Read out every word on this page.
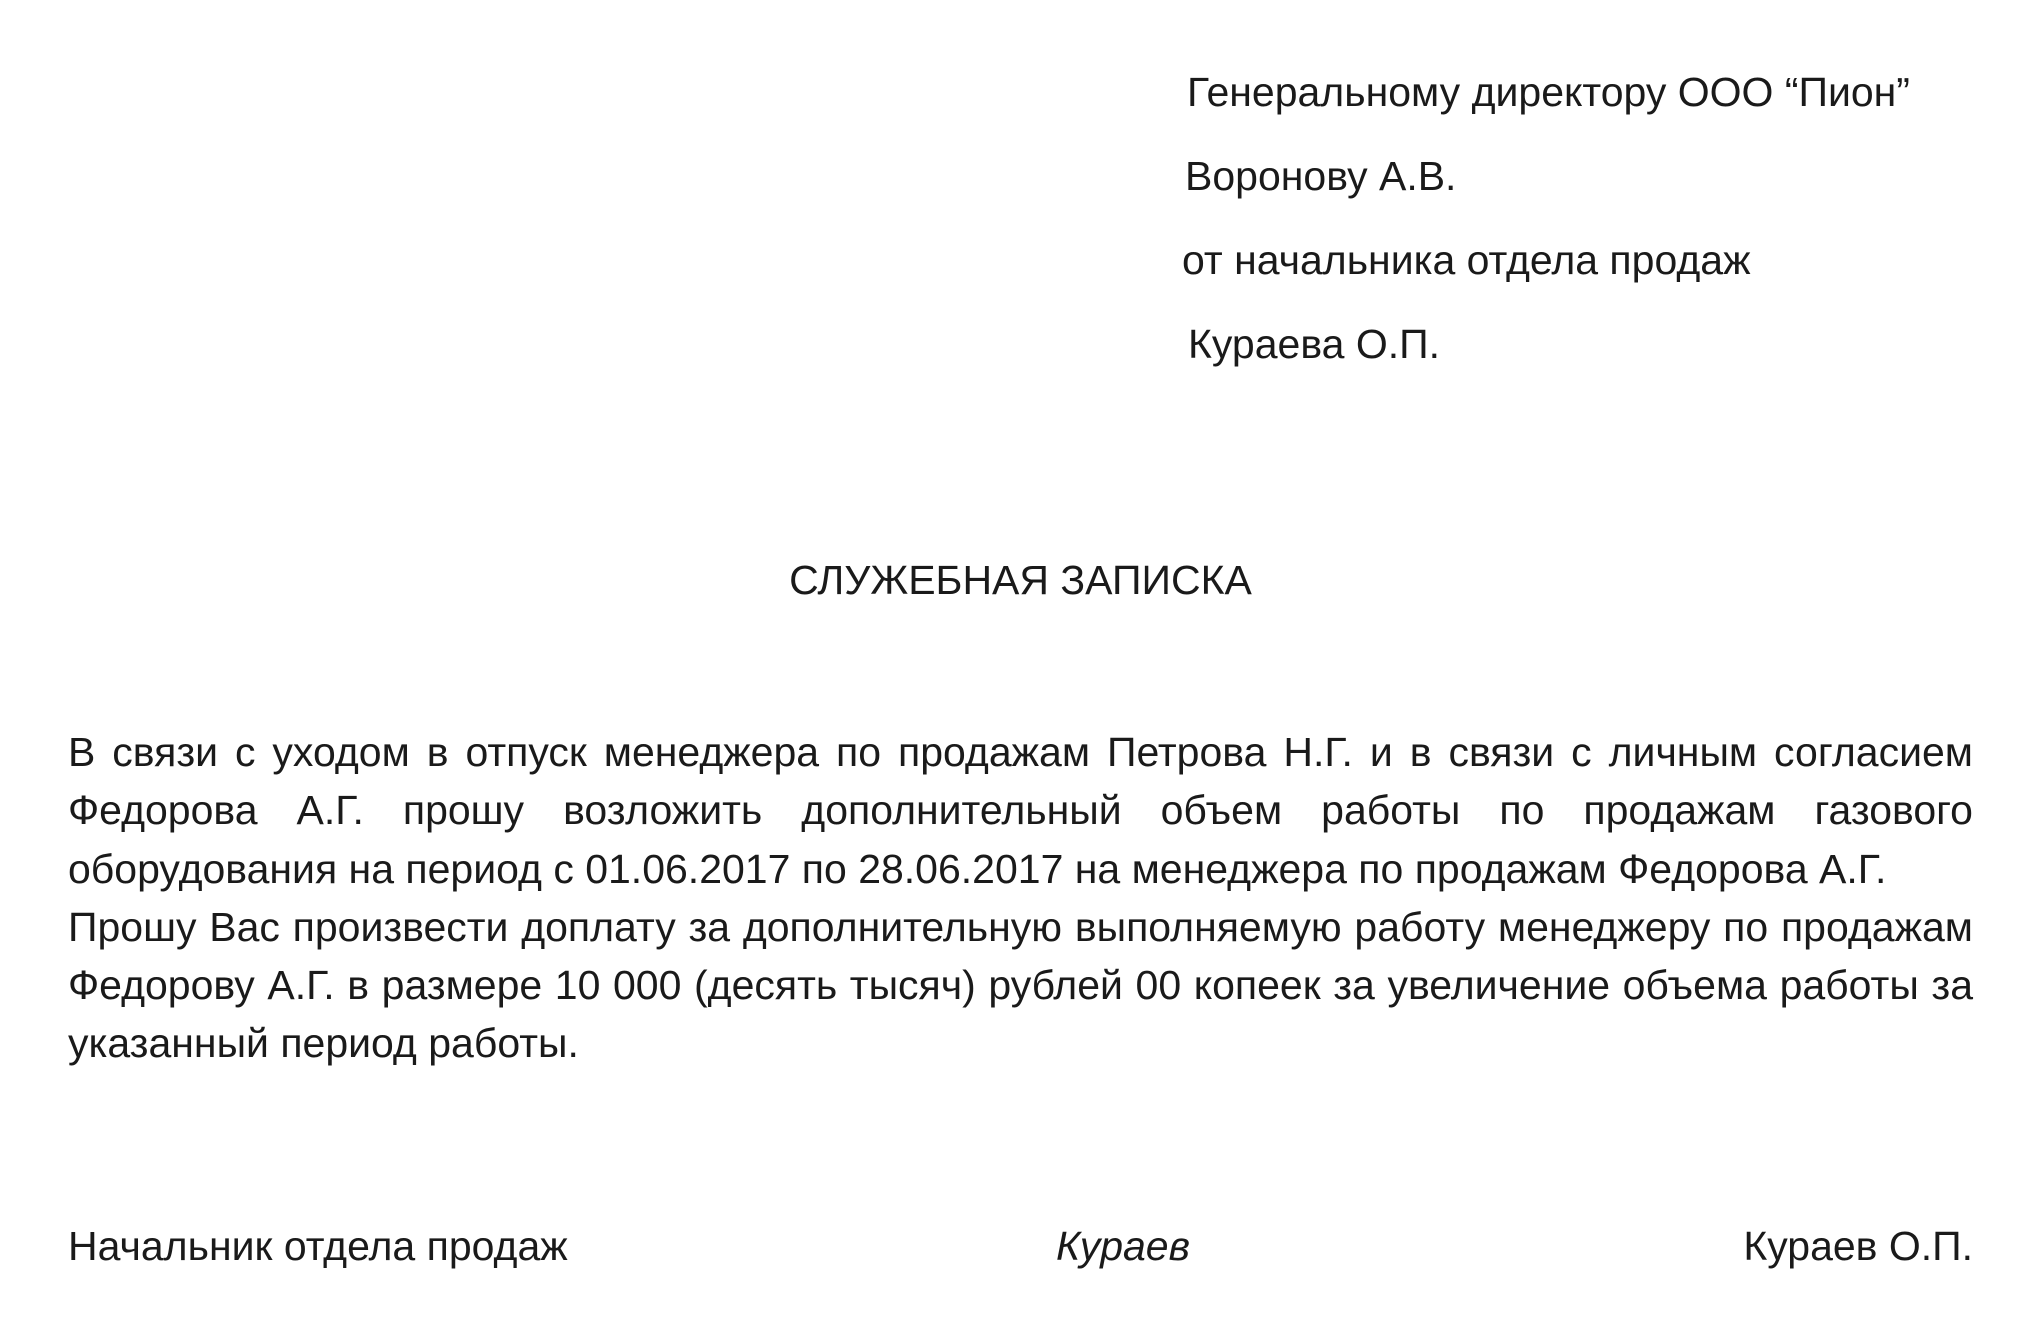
Генеральному директору ООО “Пион”
Воронову А.В.
от начальника отдела продаж
Кураева О.П.
СЛУЖЕБНАЯ ЗАПИСКА

В связи с уходом в отпуск менеджера по продажам Петрова Н.Г. и в связи с личным согласием Федорова А.Г. прошу возложить дополнительный объем работы по продажам газового оборудования на период с 01.06.2017 по 28.06.2017 на менеджера по продажам Федорова А.Г.

Прошу Вас произвести доплату за дополнительную выполняемую работу менеджеру по продажам Федорову А.Г. в размере 10 000 (десять тысяч) рублей 00 копеек за увеличение объема работы за указанный период работы.

Начальник отдела продаж	Кураев	Кураев О.П.
